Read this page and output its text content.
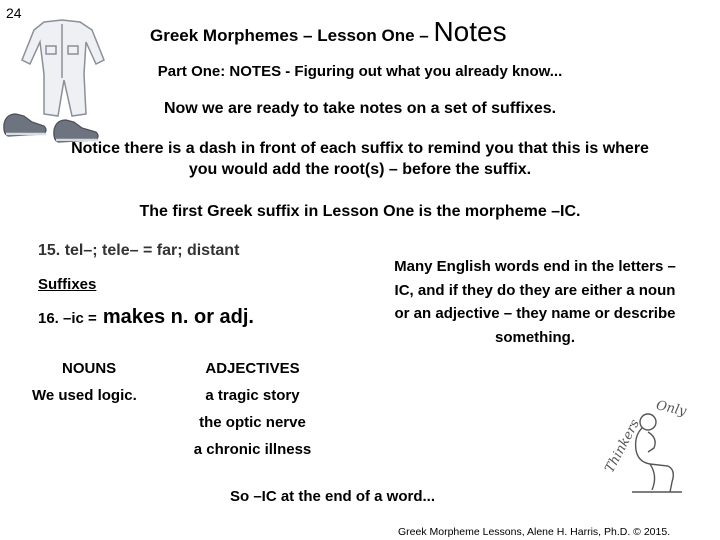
24
Greek Morphemes – Lesson One – Notes
Part One: NOTES - Figuring out what you already know...
Now we are ready to take notes on a set of suffixes.
Notice there is a dash in front of each suffix to remind you that this is where you would add the root(s) – before the suffix.
The first Greek suffix in Lesson One is the morpheme –IC.
15. tel–; tele– = far; distant
Suffixes
16. –ic = makes n. or adj.
NOUNS
We used logic.
ADJECTIVES
a tragic story
the optic nerve
a chronic illness
Many English words end in the letters –IC, and if they do they are either a noun or an adjective – they name or describe something.
Thinkers
Only
So –IC at the end of a word...
Greek Morpheme Lessons, Alene H. Harris, Ph.D. © 2015.
